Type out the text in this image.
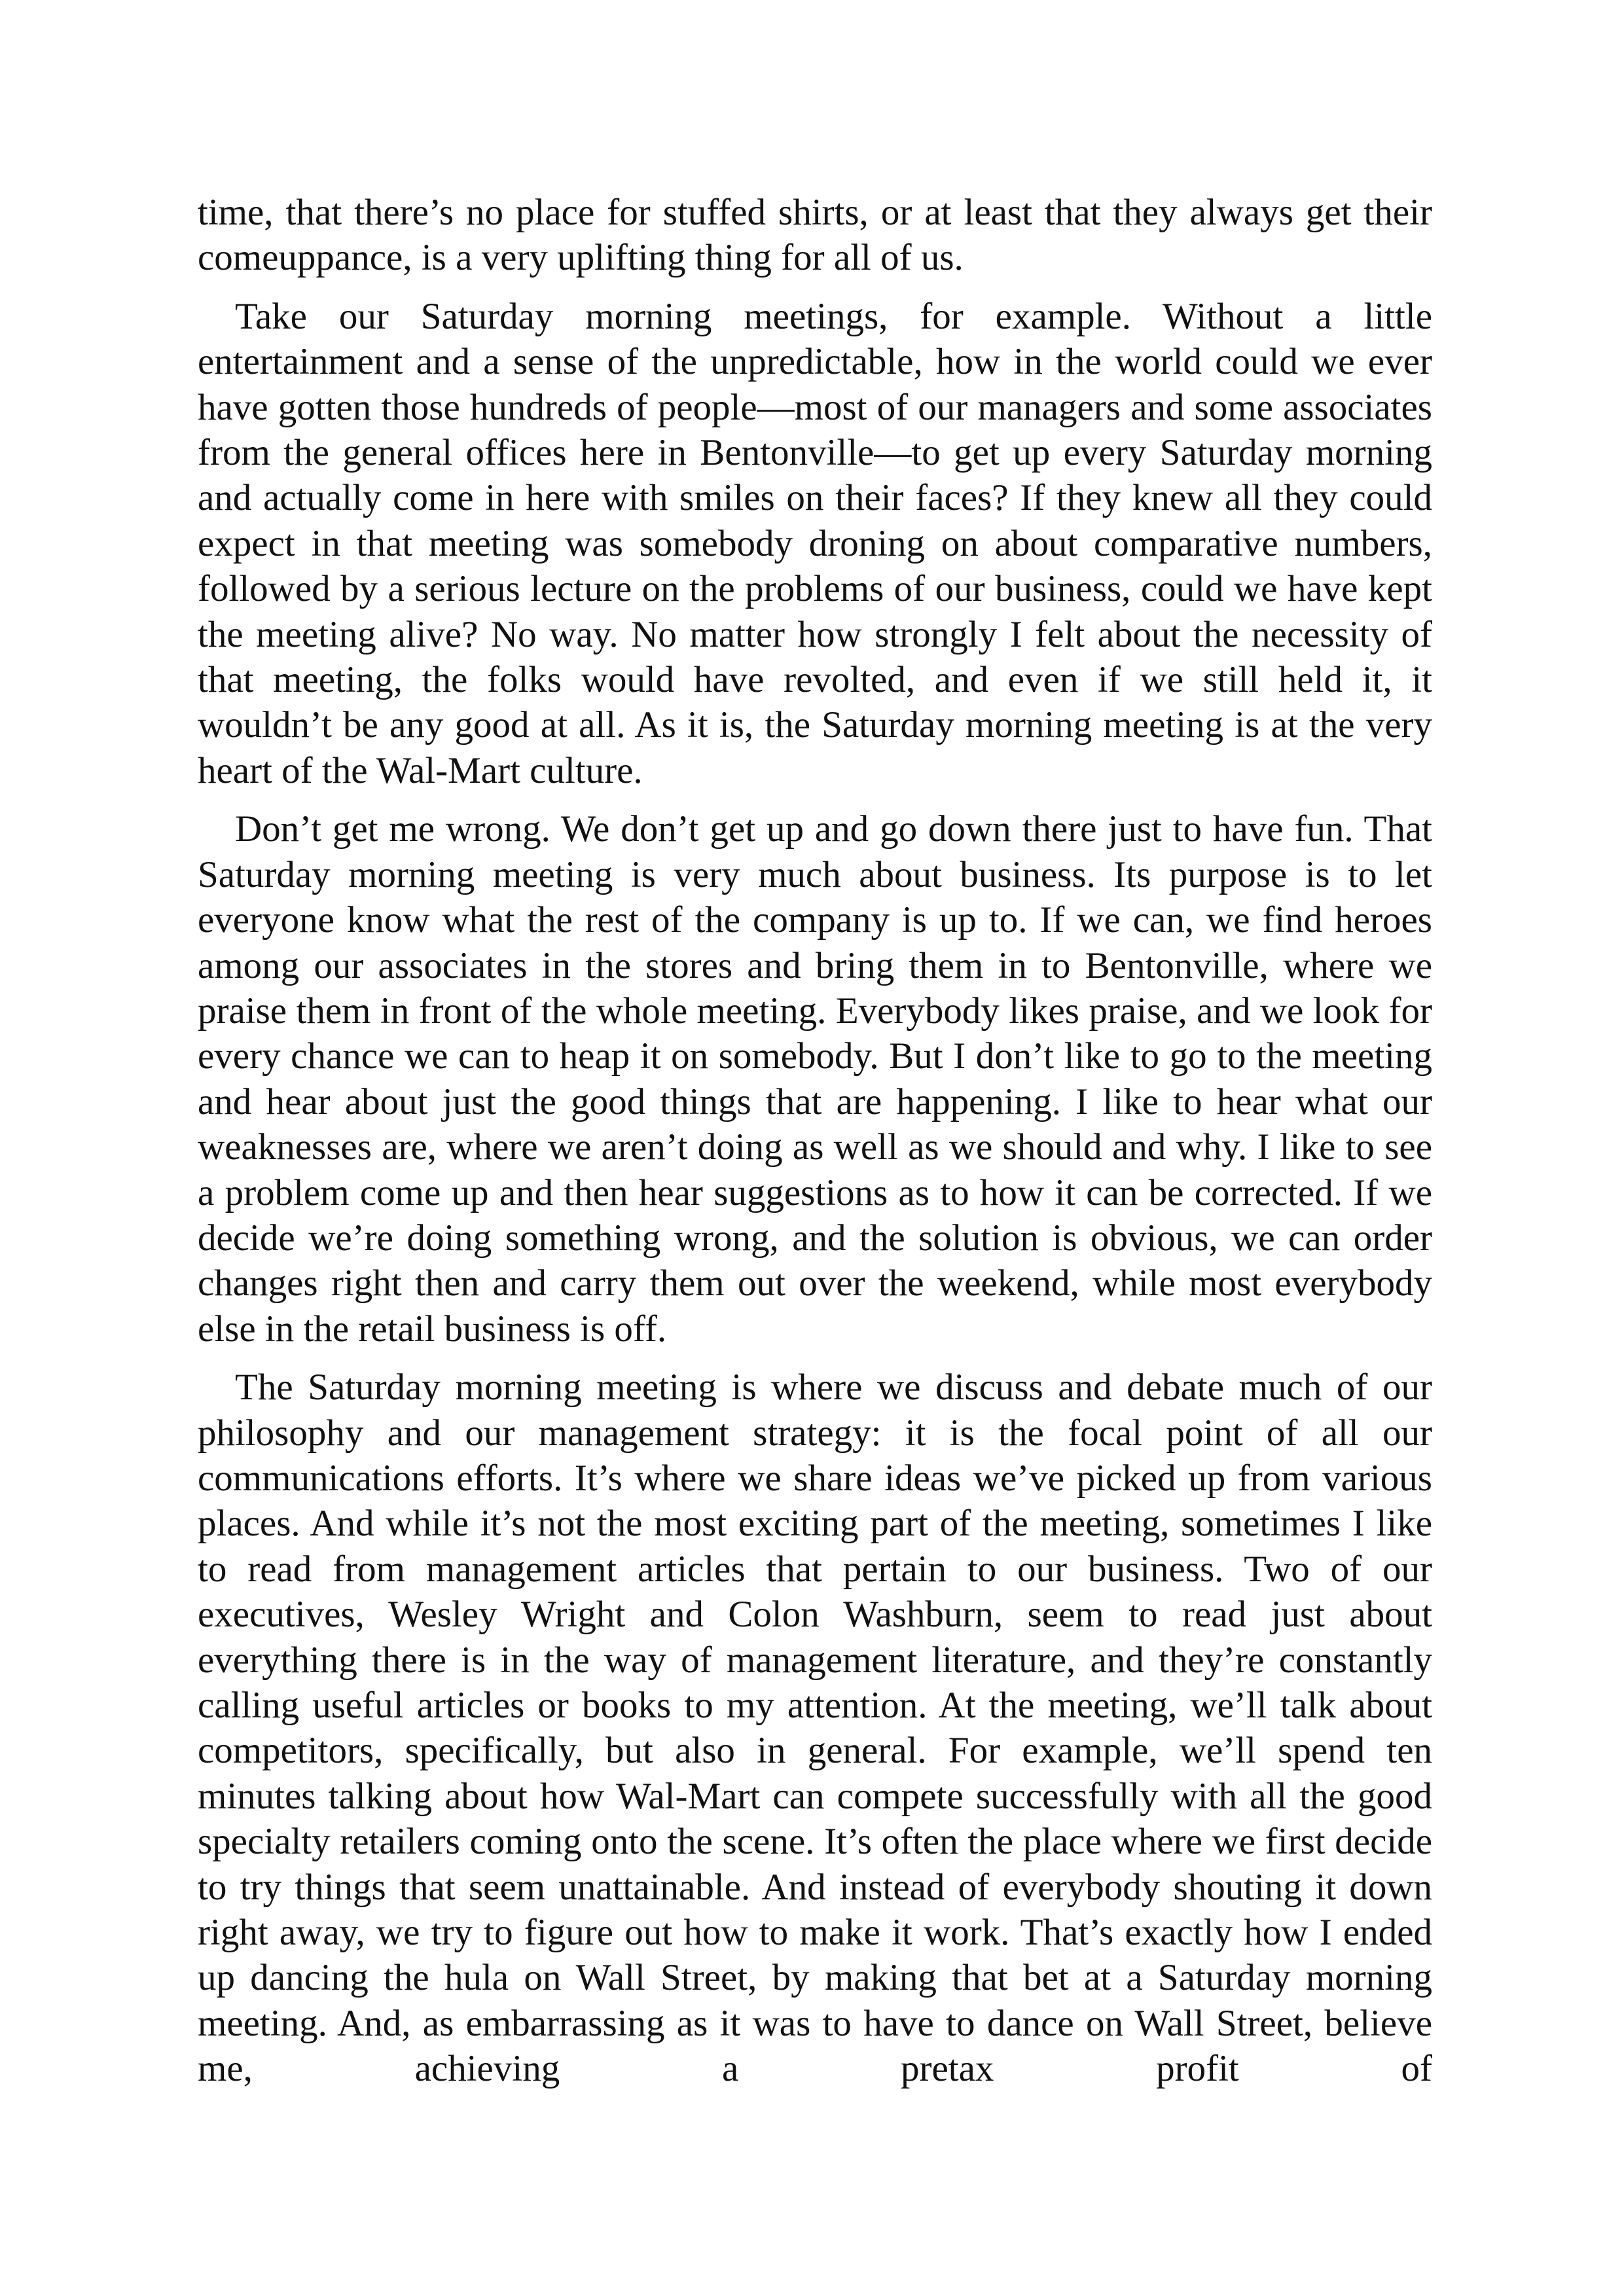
time, that there’s no place for stuffed shirts, or at least that they always get their comeuppance, is a very uplifting thing for all of us.

Take our Saturday morning meetings, for example. Without a little entertainment and a sense of the unpredictable, how in the world could we ever have gotten those hundreds of people—most of our managers and some associates from the general offices here in Bentonville—to get up every Saturday morning and actually come in here with smiles on their faces? If they knew all they could expect in that meeting was somebody droning on about comparative numbers, followed by a serious lecture on the problems of our business, could we have kept the meeting alive? No way. No matter how strongly I felt about the necessity of that meeting, the folks would have revolted, and even if we still held it, it wouldn’t be any good at all. As it is, the Saturday morning meeting is at the very heart of the Wal-Mart culture.

Don’t get me wrong. We don’t get up and go down there just to have fun. That Saturday morning meeting is very much about business. Its purpose is to let everyone know what the rest of the company is up to. If we can, we find heroes among our associates in the stores and bring them in to Bentonville, where we praise them in front of the whole meeting. Everybody likes praise, and we look for every chance we can to heap it on somebody. But I don’t like to go to the meeting and hear about just the good things that are happening. I like to hear what our weaknesses are, where we aren’t doing as well as we should and why. I like to see a problem come up and then hear suggestions as to how it can be corrected. If we decide we’re doing something wrong, and the solution is obvious, we can order changes right then and carry them out over the weekend, while most everybody else in the retail business is off.

The Saturday morning meeting is where we discuss and debate much of our philosophy and our management strategy: it is the focal point of all our communications efforts. It’s where we share ideas we’ve picked up from various places. And while it’s not the most exciting part of the meeting, sometimes I like to read from management articles that pertain to our business. Two of our executives, Wesley Wright and Colon Washburn, seem to read just about everything there is in the way of management literature, and they’re constantly calling useful articles or books to my attention. At the meeting, we’ll talk about competitors, specifically, but also in general. For example, we’ll spend ten minutes talking about how Wal-Mart can compete successfully with all the good specialty retailers coming onto the scene. It’s often the place where we first decide to try things that seem unattainable. And instead of everybody shouting it down right away, we try to figure out how to make it work. That’s exactly how I ended up dancing the hula on Wall Street, by making that bet at a Saturday morning meeting. And, as embarrassing as it was to have to dance on Wall Street, believe me, achieving a pretax profit of
